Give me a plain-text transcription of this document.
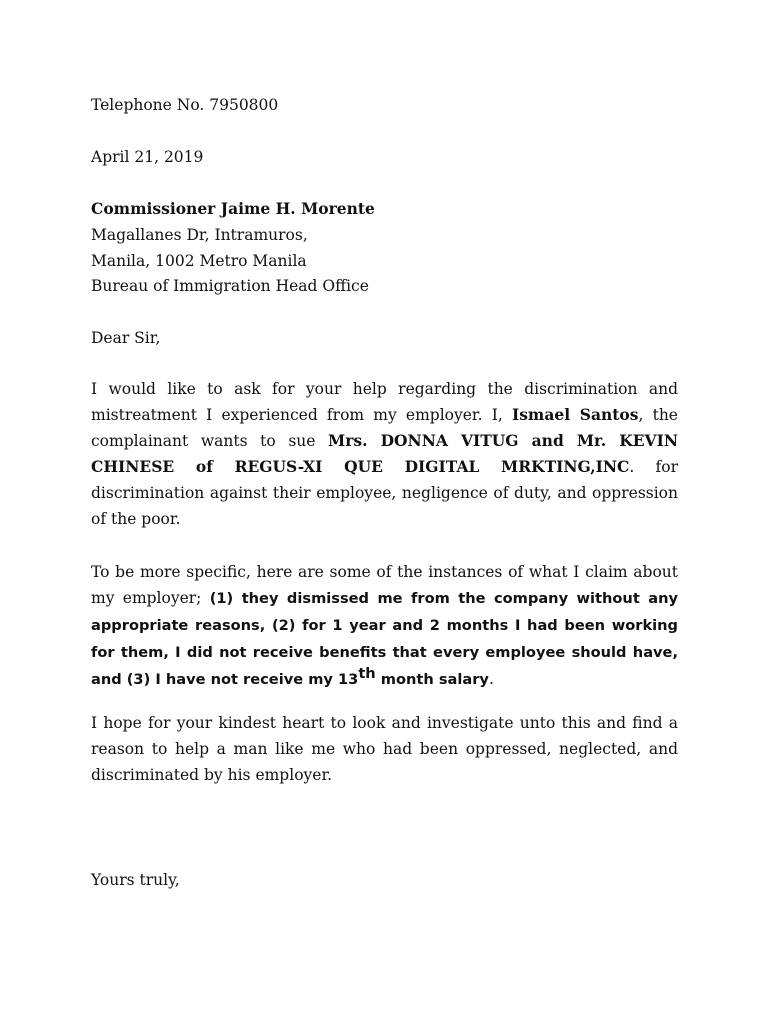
Telephone No. 7950800
April 21, 2019
Commissioner Jaime H. Morente
Magallanes Dr, Intramuros,
Manila, 1002 Metro Manila
Bureau of Immigration Head Office
Dear Sir,
I would like to ask for your help regarding the discrimination and mistreatment I experienced from my employer. I, Ismael Santos, the complainant wants to sue Mrs. DONNA VITUG and Mr. KEVIN CHINESE of REGUS-XI QUE DIGITAL MRKTING,INC. for discrimination against their employee, negligence of duty, and oppression of the poor.
To be more specific, here are some of the instances of what I claim about my employer; (1) they dismissed me from the company without any appropriate reasons, (2) for 1 year and 2 months I had been working for them, I did not receive benefits that every employee should have, and (3) I have not receive my 13th month salary.
I hope for your kindest heart to look and investigate unto this and find a reason to help a man like me who had been oppressed, neglected, and discriminated by his employer.
Yours truly,
